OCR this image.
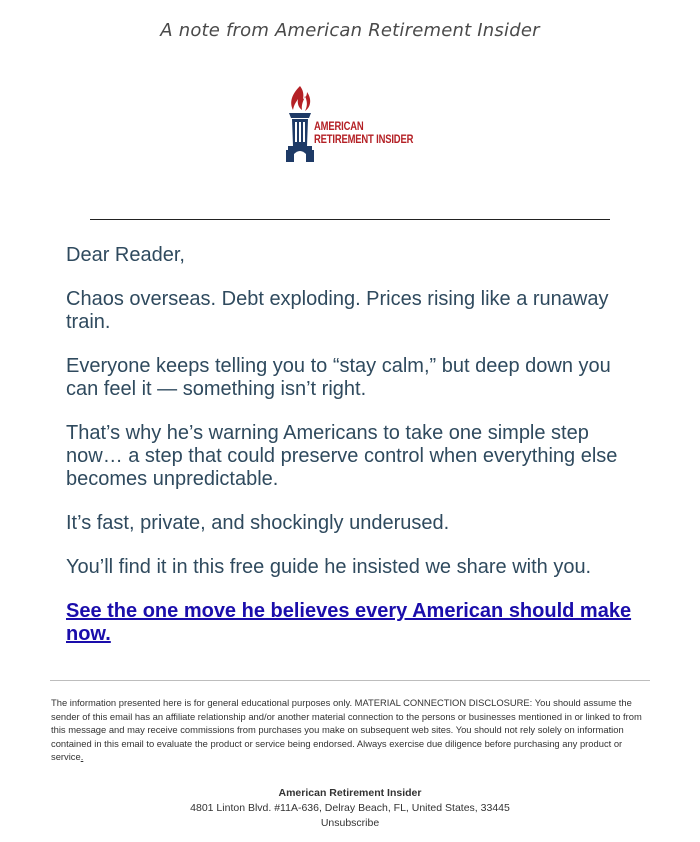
A note from American Retirement Insider
AMERICAN
RETIREMENT INSIDER

Dear Reader,

Chaos overseas. Debt exploding. Prices rising like a runaway train.

Everyone keeps telling you to “stay calm,” but deep down you can feel it — something isn’t right.

That’s why he’s warning Americans to take one simple step now… a step that could preserve control when everything else becomes unpredictable.

It’s fast, private, and shockingly underused.

You’ll find it in this free guide he insisted we share with you.

See the one move he believes every American should make now.
The information presented here is for general educational purposes only. MATERIAL CONNECTION DISCLOSURE: You should assume the sender of this email has an affiliate relationship and/or another material connection to the persons or businesses mentioned in or linked to from this message and may receive commissions from purchases you make on subsequent web sites. You should not rely solely on information contained in this email to evaluate the product or service being endorsed. Always exercise due diligence before purchasing any product or service.
American Retirement Insider
4801 Linton Blvd. #11A-636, Delray Beach, FL, United States, 33445
Unsubscribe
